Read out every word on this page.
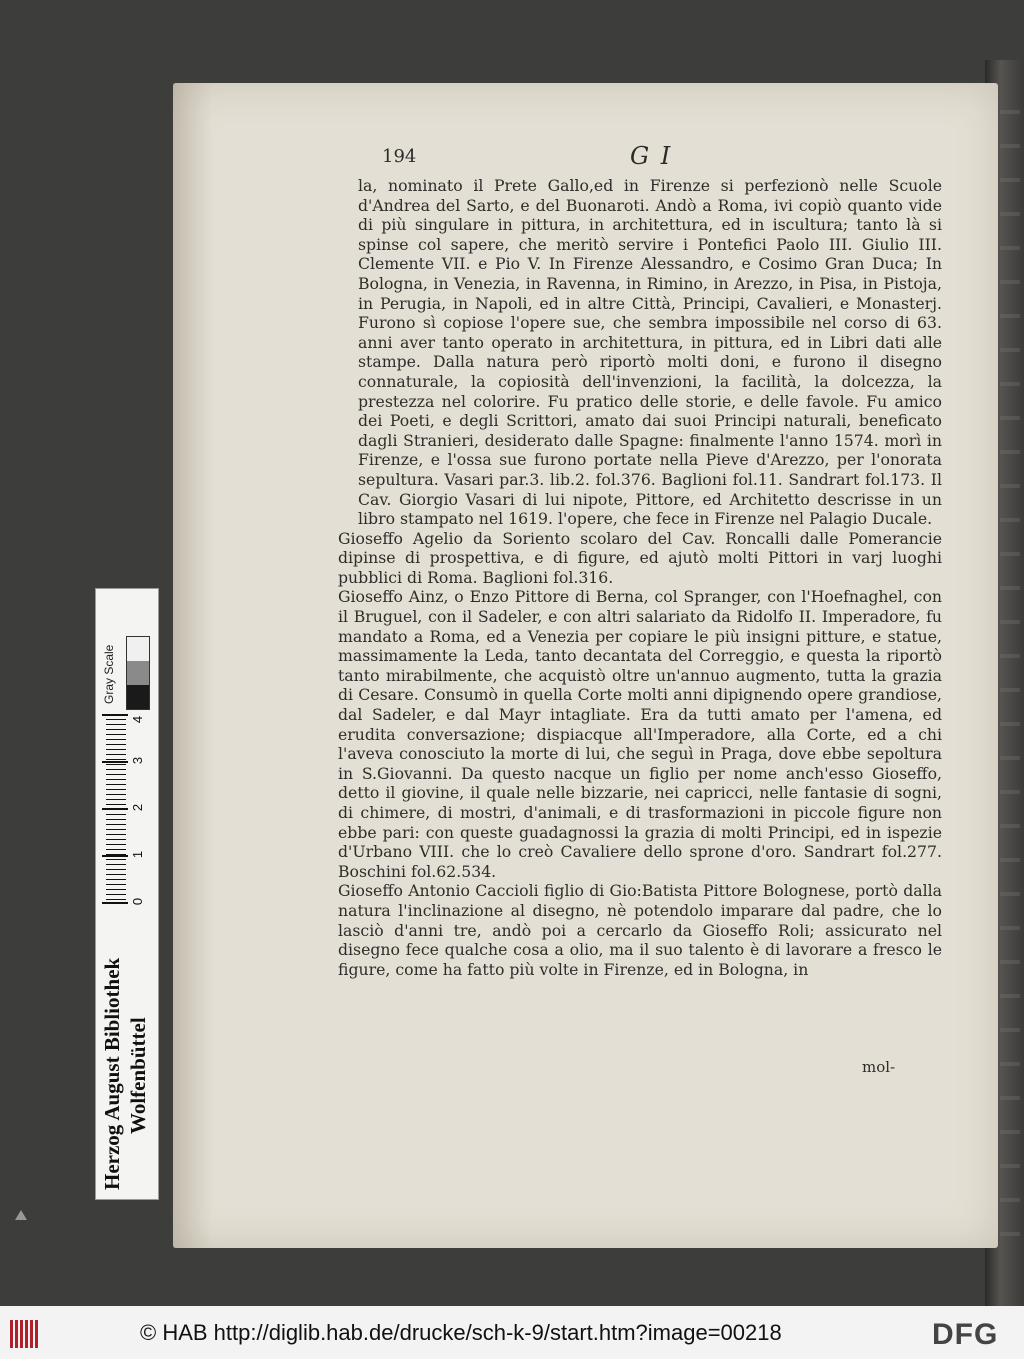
194	G I

la, nominato il Prete Gallo,ed in Firenze si perfezionò nelle Scuole d'Andrea del Sarto, e del Buonaroti. Andò a Roma, ivi copiò quanto vide di più singulare in pittura, in architettura, ed in iscultura; tanto là si spinse col sapere, che meritò servire i Pontefici Paolo III. Giulio III. Clemente VII. e Pio V. In Firenze Alessandro, e Cosimo Gran Duca; In Bologna, in Venezia, in Ravenna, in Rimino, in Arezzo, in Pisa, in Pistoja, in Perugia, in Napoli, ed in altre Città, Principi, Cavalieri, e Monasterj. Furono sì copiose l'opere sue, che sembra impossibile nel corso di 63. anni aver tanto operato in architettura, in pittura, ed in Libri dati alle stampe. Dalla natura però riportò molti doni, e furono il disegno connaturale, la copiosità dell'invenzioni, la facilità, la dolcezza, la prestezza nel colorire. Fu pratico delle storie, e delle favole. Fu amico dei Poeti, e degli Scrittori, amato dai suoi Principi naturali, beneficato dagli Stranieri, desiderato dalle Spagne: finalmente l'anno 1574. morì in Firenze, e l'ossa sue furono portate nella Pieve d'Arezzo, per l'onorata sepultura. Vasari par.3. lib.2. fol.376. Baglioni fol.11. Sandrart fol.173. Il Cav. Giorgio Vasari di lui nipote, Pittore, ed Architetto descrisse in un libro stampato nel 1619. l'opere, che fece in Firenze nel Palagio Ducale.

Gioseffo Agelio da Soriento scolaro del Cav. Roncalli dalle Pomerancie dipinse di prospettiva, e di figure, ed ajutò molti Pittori in varj luoghi pubblici di Roma. Baglioni fol.316.

Gioseffo Ainz, o Enzo Pittore di Berna, col Spranger, con l'Hoefnaghel, con il Bruguel, con il Sadeler, e con altri salariato da Ridolfo II. Imperadore, fu mandato a Roma, ed a Venezia per copiare le più insigni pitture, e statue, massimamente la Leda, tanto decantata del Correggio, e questa la riportò tanto mirabilmente, che acquistò oltre un'annuo augmento, tutta la grazia di Cesare. Consumò in quella Corte molti anni dipignendo opere grandiose, dal Sadeler, e dal Mayr intagliate. Era da tutti amato per l'amena, ed erudita conversazione; dispiacque all'Imperadore, alla Corte, ed a chi l'aveva conosciuto la morte di lui, che seguì in Praga, dove ebbe sepoltura in S.Giovanni. Da questo nacque un figlio per nome anch'esso Gioseffo, detto il giovine, il quale nelle bizzarie, nei capricci, nelle fantasie di sogni, di chimere, di mostri, d'animali, e di trasformazioni in piccole figure non ebbe pari: con queste guadagnossi la grazia di molti Principi, ed in ispezie d'Urbano VIII. che lo creò Cavaliere dello sprone d'oro. Sandrart fol.277. Boschini fol.62.534.

Gioseffo Antonio Caccioli figlio di Gio:Batista Pittore Bolognese, portò dalla natura l'inclinazione al disegno, nè potendolo imparare dal padre, che lo lasciò d'anni tre, andò poi a cercarlo da Gioseffo Roli; assicurato nel disegno fece qualche cosa a olio, ma il suo talento è di lavorare a fresco le figure, come ha fatto più volte in Firenze, ed in Bologna, in

mol-
Gray Scale
0
1
2
3
4
Herzog August Bibliothek Wolfenbüttel
© HAB http://diglib.hab.de/drucke/sch-k-9/start.htm?image=00218	DFG
